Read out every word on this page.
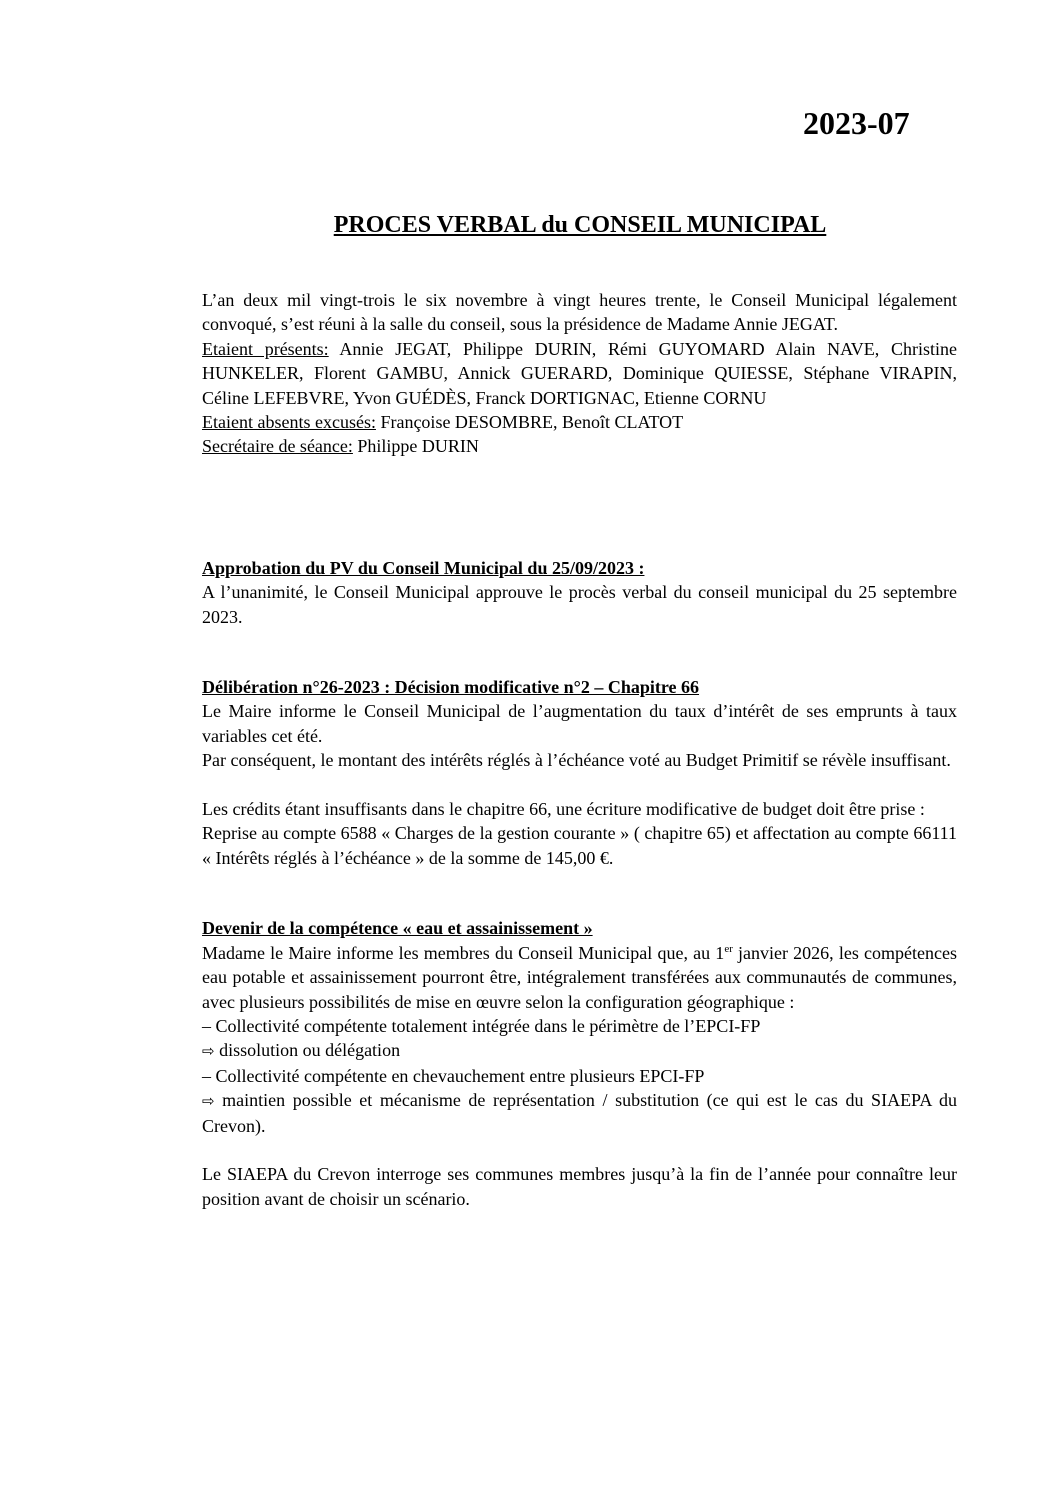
2023-07
PROCES VERBAL du CONSEIL MUNICIPAL

L’an deux mil vingt-trois le six novembre à vingt heures trente, le Conseil Municipal légalement convoqué, s’est réuni à la salle du conseil, sous la présidence de Madame Annie JEGAT.

Etaient présents: Annie JEGAT, Philippe DURIN, Rémi GUYOMARD Alain NAVE, Christine HUNKELER, Florent GAMBU, Annick GUERARD, Dominique QUIESSE, Stéphane VIRAPIN, Céline LEFEBVRE, Yvon GUÉDÈS, Franck DORTIGNAC, Etienne CORNU

Etaient absents excusés: Françoise DESOMBRE, Benoît CLATOT

Secrétaire de séance: Philippe DURIN

Approbation du PV du Conseil Municipal du 25/09/2023 :

A l’unanimité, le Conseil Municipal approuve le procès verbal du conseil municipal du 25 septembre 2023.

Délibération n°26-2023 : Décision modificative n°2 – Chapitre 66

Le Maire informe le Conseil Municipal de l’augmentation du taux d’intérêt de ses emprunts à taux variables cet été.

Par conséquent, le montant des intérêts réglés à l’échéance voté au Budget Primitif se révèle insuffisant.

Les crédits étant insuffisants dans le chapitre 66, une écriture modificative de budget doit être prise :

Reprise au compte 6588 « Charges de la gestion courante » ( chapitre 65) et affectation au compte 66111 « Intérêts réglés à l’échéance » de la somme de 145,00 €.

Devenir de la compétence « eau et assainissement »

Madame le Maire informe les membres du Conseil Municipal que, au 1er janvier 2026, les compétences eau potable et assainissement pourront être, intégralement transférées aux communautés de communes, avec plusieurs possibilités de mise en œuvre selon la configuration géographique :

– Collectivité compétente totalement intégrée dans le périmètre de l’EPCI-FP

⇨ dissolution ou délégation

– Collectivité compétente en chevauchement entre plusieurs EPCI-FP

⇨ maintien possible et mécanisme de représentation / substitution (ce qui est le cas du SIAEPA du Crevon).

Le SIAEPA du Crevon interroge ses communes membres jusqu’à la fin de l’année pour connaître leur position avant de choisir un scénario.
